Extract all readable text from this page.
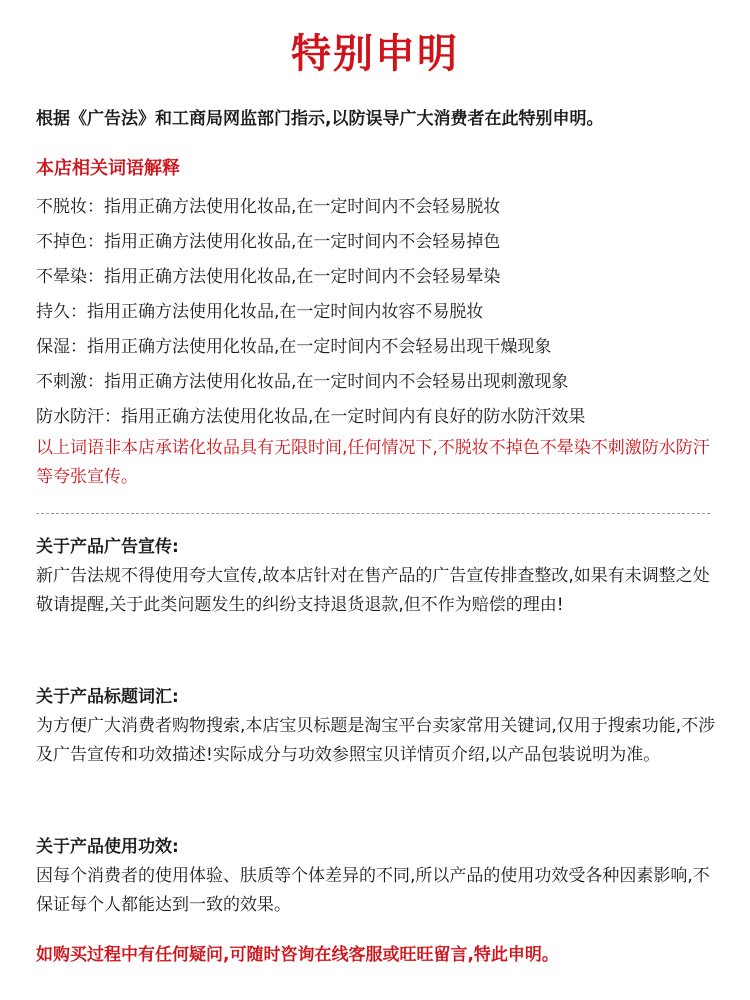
特别申明
根据《广告法》和工商局网监部门指示,以防误导广大消费者在此特别申明。
本店相关词语解释
不脱妆：指用正确方法使用化妆品,在一定时间内不会轻易脱妆
不掉色：指用正确方法使用化妆品,在一定时间内不会轻易掉色
不晕染：指用正确方法使用化妆品,在一定时间内不会轻易晕染
持久：指用正确方法使用化妆品,在一定时间内妆容不易脱妆
保湿：指用正确方法使用化妆品,在一定时间内不会轻易出现干燥现象
不刺激：指用正确方法使用化妆品,在一定时间内不会轻易出现刺激现象
防水防汗：指用正确方法使用化妆品,在一定时间内有良好的防水防汗效果
以上词语非本店承诺化妆品具有无限时间,任何情况下,不脱妆不掉色不晕染不刺激防水防汗等夸张宣传。
关于产品广告宣传:
新广告法规不得使用夸大宣传,故本店针对在售产品的广告宣传排查整改,如果有未调整之处敬请提醒,关于此类问题发生的纠纷支持退货退款,但不作为赔偿的理由!
关于产品标题词汇:
为方便广大消费者购物搜索,本店宝贝标题是淘宝平台卖家常用关键词,仅用于搜索功能,不涉及广告宣传和功效描述!实际成分与功效参照宝贝详情页介绍,以产品包装说明为准。
关于产品使用功效:
因每个消费者的使用体验、肤质等个体差异的不同,所以产品的使用功效受各种因素影响,不保证每个人都能达到一致的效果。
如购买过程中有任何疑问,可随时咨询在线客服或旺旺留言,特此申明。
